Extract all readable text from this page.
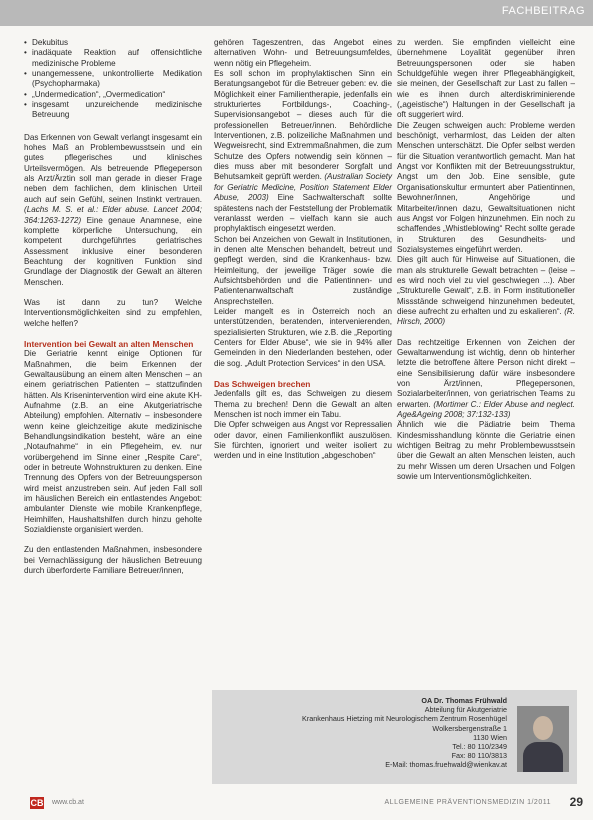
FACHBEITRAG
• Dekubitus
• inadäquate Reaktion auf offensichtliche medizinische Probleme
• unangemessene, unkontrollierte Medikation (Psychopharmaka)
• „Undermedication“, „Overmedication“
• insgesamt unzureichende medizinische Betreuung

Das Erkennen von Gewalt verlangt insgesamt ein hohes Maß an Problembewusstsein und ein gutes pflegerisches und klinisches Urteilsvermögen. Als betreuende Pflegeperson als Arzt/Ärztin soll man gerade in dieser Frage neben dem fachlichen, dem klinischen Urteil auch auf sein Gefühl, seinen Instinkt vertrauen. (Lachs M. S. et al.: Elder abuse. Lancet 2004; 364:1263-1272) Eine genaue Anamnese, eine komplette körperliche Untersuchung, ein kompetent durchgeführtes geriatrisches Assessment inklusive einer besonderen Beachtung der kognitiven Funktion sind Grundlage der Diagnostik der Gewalt an älteren Menschen.

Was ist dann zu tun? Welche Interventionsmöglichkeiten sind zu empfehlen, welche helfen?

Intervention bei Gewalt an alten Menschen

Die Geriatrie kennt einige Optionen für Maßnahmen, die beim Erkennen der Gewaltausübung an einem alten Menschen – an einem geriatrischen Patienten – stattzufinden hätten. Als Krisenintervention wird eine akute KH-Aufnahme (z.B. an eine Akutgeriatrische Abteilung) empfohlen. Alternativ – insbesondere wenn keine gleichzeitige akute medizinische Behandlungsindikation besteht, wäre an eine „Notaufnahme“ in ein Pflegeheim, ev. nur vorübergehend im Sinne einer „Respite Care“, oder in betreute Wohnstrukturen zu denken. Eine Trennung des Opfers von der Betreuungsperson wird meist anzustreben sein. Auf jeden Fall soll im häuslichen Bereich ein entlastendes Angebot: ambulanter Dienste wie mobile Krankenpflege, Heimhilfen, Haushaltshilfen durch hinzu geholte Sozialdienste organisiert werden.

Zu den entlastenden Maßnahmen, insbesondere bei Vernachlässigung der häuslichen Betreuung durch überforderte Familiare Betreuer/innen,

gehören Tageszentren, das Angebot eines alternativen Wohn- und Betreuungsumfeldes, wenn nötig ein Pflegeheim.

Es soll schon im prophylaktischen Sinn ein Beratungsangebot für die Betreuer geben: ev. die Möglichkeit einer Familientherapie, jedenfalls ein strukturiertes Fortbildungs-, Coaching-, Supervisionsangebot – dieses auch für die professionellen Betreuer/innen. Behördliche Interventionen, z.B. polizeiliche Maßnahmen und Wegweisrecht, sind Extremmaßnahmen, die zum Schutze des Opfers notwendig sein können – dies muss aber mit besonderer Sorgfalt und Behutsamkeit geprüft werden. (Australian Society for Geriatric Medicine, Position Statement Elder Abuse, 2003) Eine Sachwalterschaft sollte spätestens nach der Feststellung der Problematik veranlasst werden – vielfach kann sie auch prophylaktisch eingesetzt werden.

Schon bei Anzeichen von Gewalt in Institutionen, in denen alte Menschen behandelt, betreut und gepflegt werden, sind die Krankenhaus- bzw. Heimleitung, der jeweilige Träger sowie die Aufsichtsbehörden und die Patientinnen- und Patientenanwaltschaft zuständige Ansprechstellen.

Leider mangelt es in Österreich noch an unterstützenden, beratenden, intervenierenden, spezialisierten Strukturen, wie z.B. die „Reporting Centers for Elder Abuse“, wie sie in 94% aller Gemeinden in den Niederlanden bestehen, oder die sog. „Adult Protection Services“ in den USA.

Das Schweigen brechen

Jedenfalls gilt es, das Schweigen zu diesem Thema zu brechen! Denn die Gewalt an alten Menschen ist noch immer ein Tabu.

Die Opfer schweigen aus Angst vor Repressalien oder davor, einen Familienkonflikt auszulösen. Sie fürchten, ignoriert und weiter isoliert zu werden und in eine Institution „abgeschoben“

zu werden. Sie empfinden vielleicht eine übernehmene Loyalität gegenüber ihren Betreuungspersonen oder sie haben Schuldgefühle wegen ihrer Pflegeabhängigkeit, sie meinen, der Gesellschaft zur Last zu fallen – wie es ihnen durch alterdiskriminierende („ageistische“) Haltungen in der Gesellschaft ja oft suggeriert wird.

Die Zeugen schweigen auch: Probleme werden beschönigt, verharmlost, das Leiden der alten Menschen unterschätzt. Die Opfer selbst werden für die Situation verantwortlich gemacht. Man hat Angst vor Konflikten mit der Betreuungsstruktur, Angst um den Job. Eine sensible, gute Organisationskultur ermuntert aber Patientinnen, Bewohner/innen, Angehörige und Mitarbeiter/innen dazu, Gewaltsituationen nicht aus Angst vor Folgen hinzunehmen. Ein noch zu schaffendes „Whistleblowing“ Recht sollte gerade in Strukturen des Gesundheits- und Sozialsystemes eingeführt werden.

Dies gilt auch für Hinweise auf Situationen, die man als strukturelle Gewalt betrachten – (leise – es wird noch viel zu viel geschwiegen ...). Aber „Strukturelle Gewalt“, z.B. in Form institutioneller Missstände schweigend hinzunehmen bedeutet, diese aufrecht zu erhalten und zu eskalieren“. (R. Hirsch, 2000)

Das rechtzeitige Erkennen von Zeichen der Gewaltanwendung ist wichtig, denn ob hinterher letzte die betroffene ältere Person nicht direkt – eine Sensibilisierung dafür wäre insbesondere von Ärzt/innen, Pflegepersonen, Sozialarbeiter/innen, von geriatrischen Teams zu erwarten. (Mortimer C.: Elder Abuse and neglect. Age&Ageing 2008; 37:132-133)

Ähnlich wie die Pädiatrie beim Thema Kindesmisshandlung könnte die Geriatrie einen wichtigen Beitrag zu mehr Problembewusstsein über die Gewalt an alten Menschen leisten, auch zu mehr Wissen um deren Ursachen und Folgen sowie um Interventionsmöglichkeiten.

OA Dr. Thomas Frühwald
Abteilung für Akutgeriatrie
Krankenhaus Hietzing mit Neurologischem Zentrum Rosenhügel
Wolkersbergenstraße 1
1130 Wien
Tel.: 80 110/2349
Fax: 80 110/3813
E-Mail: thomas.fruehwald@wienkav.at
CB www.cb.at	ALLGEMEINE PRÄVENTIONSMEDIZIN 1/2011 29
